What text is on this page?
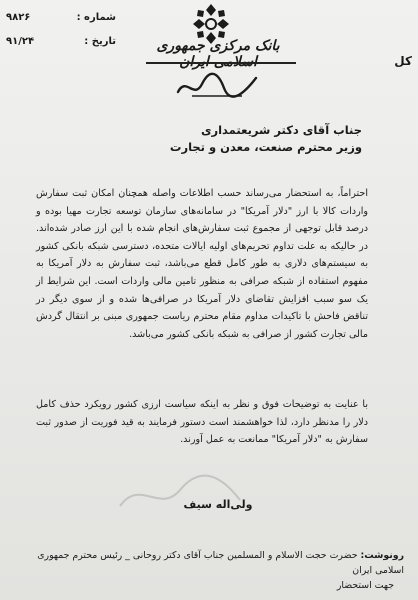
شماره :
۹۸۲۶
تاریخ :
۹۱/۲۴	بانک مرکزی جمهوری اسلامی ایران	کل
جناب آقای دکتر شریعتمداری
وزیر محترم صنعت، معدن و تجارت
احتراماً، به استحضار می‌رساند حسب اطلاعات واصله همچنان امکان ثبت سفارش واردات کالا با ارز "دلار آمریکا" در سامانه‌های سازمان توسعه تجارت مهیا بوده و درصد قابل توجهی از مجموع ثبت سفارش‌های انجام شده با این ارز صادر شده‌اند. در حالیکه به علت تداوم تحریم‌های اولیه ایالات متحده، دسترسی شبکه بانکی کشور به سیستم‌های دلاری به طور کامل قطع می‌باشد، ثبت سفارش به دلار آمریکا به مفهوم استفاده از شبکه صرافی به منظور تامین مالی واردات است. این شرایط از یک سو سبب افزایش تقاضای دلار آمریکا در صرافی‌ها شده و از سوی دیگر در تناقض فاحش با تاکیدات مداوم مقام محترم ریاست جمهوری مبنی بر انتقال گردش مالی تجارت کشور از صرافی به شبکه بانکی کشور می‌باشد.
با عنایت به توضیحات فوق و نظر به اینکه سیاست ارزی کشور رویکرد حذف کامل دلار را مدنظر دارد، لذا خواهشمند است دستور فرمایند به قید فوریت از صدور ثبت سفارش به "دلار آمریکا" ممانعت به عمل آورند.
ولی‌اله سیف
رونوشت: حضرت حجت الاسلام و المسلمین جناب آقای دکتر روحانی _ رئیس محترم جمهوری اسلامی ایران
جهت استحضار
